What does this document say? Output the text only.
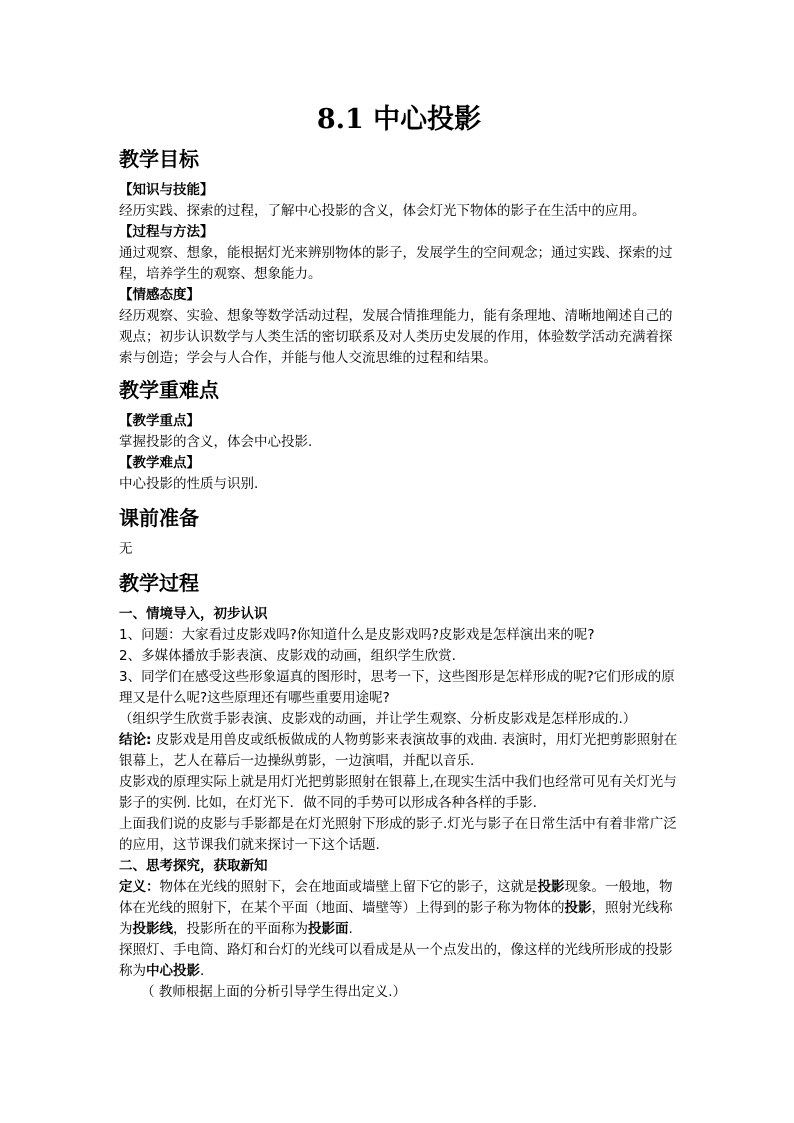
8.1 中心投影
教学目标
【知识与技能】
经历实践、探索的过程，了解中心投影的含义，体会灯光下物体的影子在生活中的应用。
【过程与方法】
通过观察、想象，能根据灯光来辨别物体的影子，发展学生的空间观念；通过实践、探索的过程，培养学生的观察、想象能力。
【情感态度】
经历观察、实验、想象等数学活动过程，发展合情推理能力，能有条理地、清晰地阐述自己的观点；初步认识数学与人类生活的密切联系及对人类历史发展的作用，体验数学活动充满着探索与创造；学会与人合作，并能与他人交流思维的过程和结果。
教学重难点
【教学重点】
掌握投影的含义，体会中心投影.
【教学难点】
中心投影的性质与识别.
课前准备
无
教学过程
一、情境导入，初步认识
1、问题：大家看过皮影戏吗?你知道什么是皮影戏吗?皮影戏是怎样演出来的呢?
2、多媒体播放手影表演、皮影戏的动画，组织学生欣赏.
3、同学们在感受这些形象逼真的图形时，思考一下，这些图形是怎样形成的呢?它们形成的原理又是什么呢?这些原理还有哪些重要用途呢?
（组织学生欣赏手影表演、皮影戏的动画，并让学生观察、分析皮影戏是怎样形成的.）
结论: 皮影戏是用兽皮或纸板做成的人物剪影来表演故事的戏曲. 表演时，用灯光把剪影照射在银幕上，艺人在幕后一边操纵剪影，一边演唱，并配以音乐.
皮影戏的原理实际上就是用灯光把剪影照射在银幕上,在现实生活中我们也经常可见有关灯光与影子的实例. 比如，在灯光下．做不同的手势可以形成各种各样的手影.
上面我们说的皮影与手影都是在灯光照射下形成的影子.灯光与影子在日常生活中有着非常广泛的应用，这节课我们就来探讨一下这个话题.
二、思考探究，获取新知
定义：物体在光线的照射下，会在地面或墙壁上留下它的影子，这就是投影现象。一般地，物体在光线的照射下，在某个平面（地面、墙壁等）上得到的影子称为物体的投影，照射光线称为投影线，投影所在的平面称为投影面.
探照灯、手电筒、路灯和台灯的光线可以看成是从一个点发出的，像这样的光线所形成的投影称为中心投影.
（ 教师根据上面的分析引导学生得出定义.）
